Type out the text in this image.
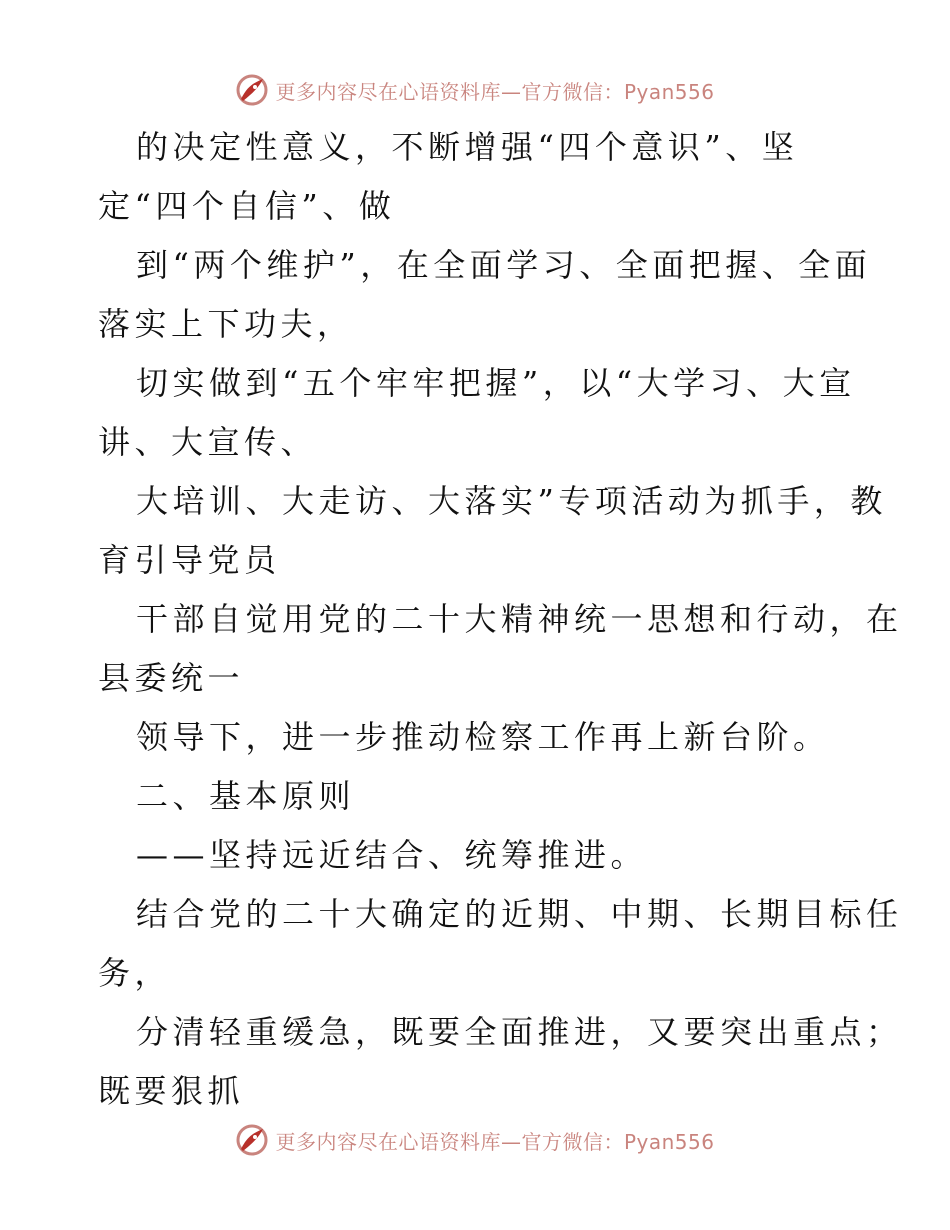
更多内容尽在心语资料库—官方微信：Pyan556
的决定性意义，不断增强“四个意识”、坚
定“四个自信”、做
到“两个维护”，在全面学习、全面把握、全面
落实上下功夫，
切实做到“五个牢牢把握”，以“大学习、大宣
讲、大宣传、
大培训、大走访、大落实”专项活动为抓手，教
育引导党员
干部自觉用党的二十大精神统一思想和行动，在
县委统一
领导下，进一步推动检察工作再上新台阶。
二、基本原则
——坚持远近结合、统筹推进。
结合党的二十大确定的近期、中期、长期目标任
务，
分清轻重缓急，既要全面推进，又要突出重点；
既要狠抓
更多内容尽在心语资料库—官方微信：Pyan556
